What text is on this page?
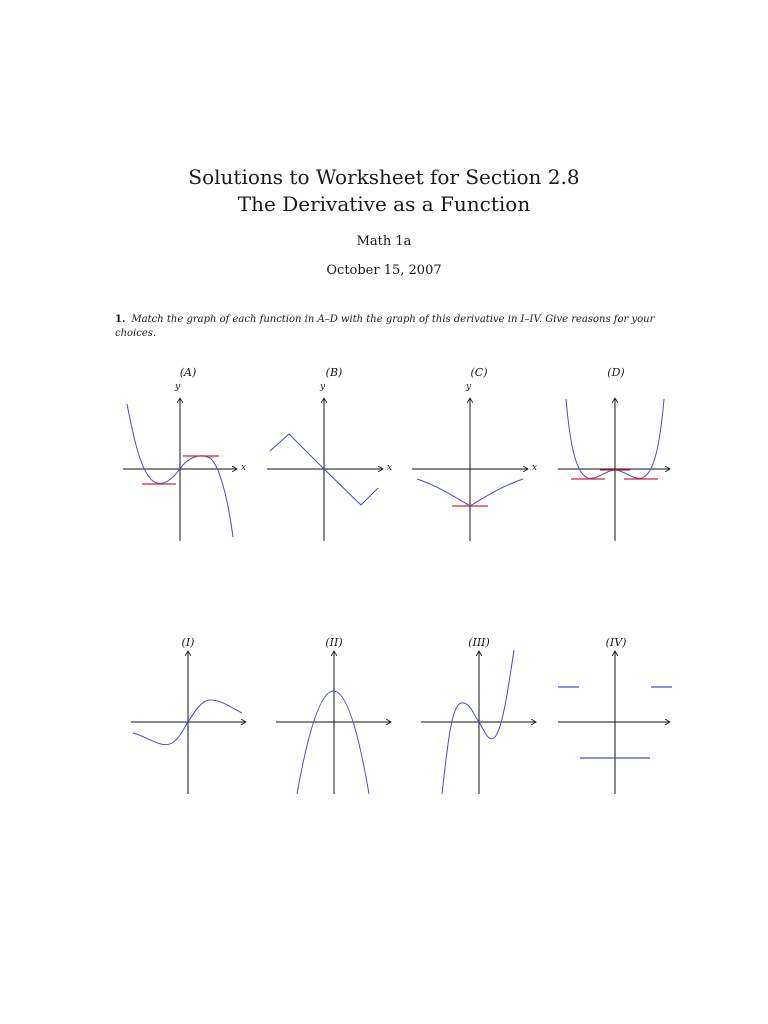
Solutions to Worksheet for Section 2.8
The Derivative as a Function
Math 1a
October 15, 2007
1. Match the graph of each function in A–D with the graph of this derivative in I–IV. Give reasons for your choices.
(A)	(B)	(C)	(D)
y	y	y
x	x	x
(I)	(II)	(III)	(IV)
